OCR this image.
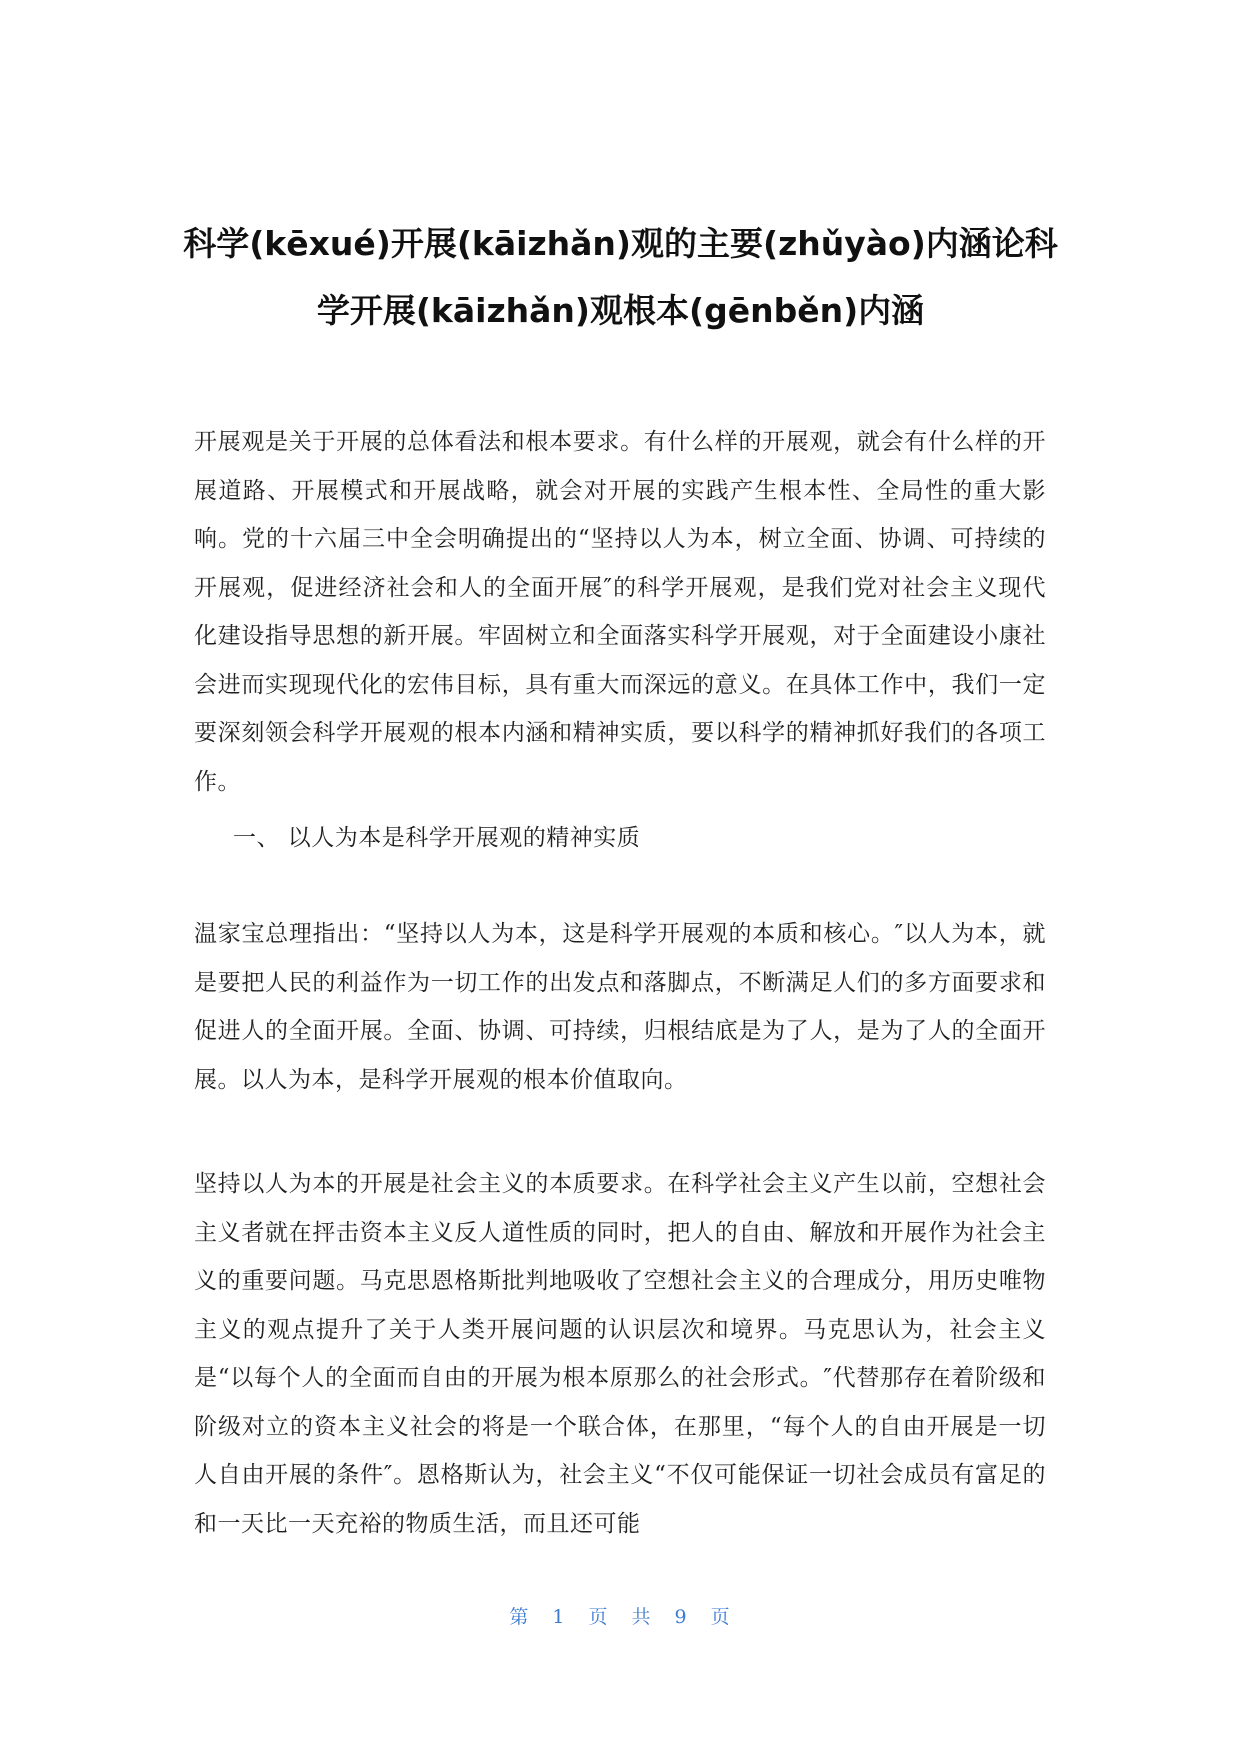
科学(kēxué)开展(kāizhǎn)观的主要(zhǔyào)内涵论科
学开展(kāizhǎn)观根本(gēnběn)内涵

开展观是关于开展的总体看法和根本要求。有什么样的开展观，就会有什么样的开展道路、开展模式和开展战略，就会对开展的实践产生根本性、全局性的重大影响。党的十六届三中全会明确提出的“坚持以人为本，树立全面、协调、可持续的开展观，促进经济社会和人的全面开展″的科学开展观，是我们党对社会主义现代化建设指导思想的新开展。牢固树立和全面落实科学开展观，对于全面建设小康社会进而实现现代化的宏伟目标，具有重大而深远的意义。在具体工作中，我们一定要深刻领会科学开展观的根本内涵和精神实质，要以科学的精神抓好我们的各项工作。

一、 以人为本是科学开展观的精神实质

温家宝总理指出：“坚持以人为本，这是科学开展观的本质和核心。″以人为本，就是要把人民的利益作为一切工作的出发点和落脚点，不断满足人们的多方面要求和促进人的全面开展。全面、协调、可持续，归根结底是为了人，是为了人的全面开展。以人为本，是科学开展观的根本价值取向。

坚持以人为本的开展是社会主义的本质要求。在科学社会主义产生以前，空想社会主义者就在抨击资本主义反人道性质的同时，把人的自由、解放和开展作为社会主义的重要问题。马克思恩格斯批判地吸收了空想社会主义的合理成分，用历史唯物主义的观点提升了关于人类开展问题的认识层次和境界。马克思认为，社会主义是“以每个人的全面而自由的开展为根本原那么的社会形式。″代替那存在着阶级和阶级对立的资本主义社会的将是一个联合体，在那里，“每个人的自由开展是一切人自由开展的条件″。恩格斯认为，社会主义“不仅可能保证一切社会成员有富足的和一天比一天充裕的物质生活，而且还可能

第 1 页 共 9 页
